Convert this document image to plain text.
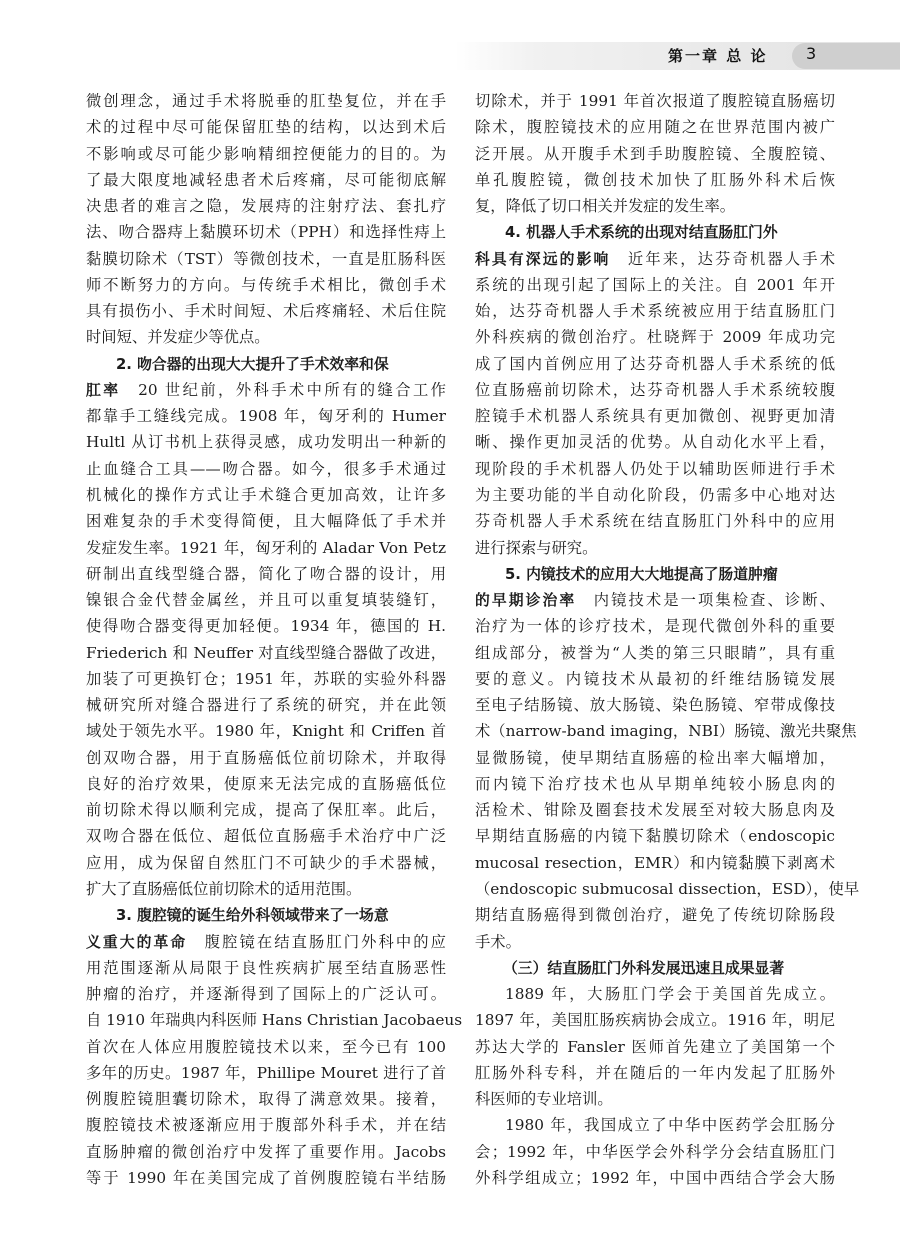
第一章 总 论 3
微创理念，通过手术将脱垂的肛垫复位，并在手
术的过程中尽可能保留肛垫的结构，以达到术后
不影响或尽可能少影响精细控便能力的目的。为
了最大限度地减轻患者术后疼痛，尽可能彻底解
决患者的难言之隐，发展痔的注射疗法、套扎疗
法、吻合器痔上黏膜环切术（PPH）和选择性痔上
黏膜切除术（TST）等微创技术，一直是肛肠科医
师不断努力的方向。与传统手术相比，微创手术
具有损伤小、手术时间短、术后疼痛轻、术后住院
时间短、并发症少等优点。
2. 吻合器的出现大大提升了手术效率和保
肛率　20 世纪前，外科手术中所有的缝合工作
都靠手工缝线完成。1908 年，匈牙利的 Humer
Hultl 从订书机上获得灵感，成功发明出一种新的
止血缝合工具——吻合器。如今，很多手术通过
机械化的操作方式让手术缝合更加高效，让许多
困难复杂的手术变得简便，且大幅降低了手术并
发症发生率。1921 年，匈牙利的 Aladar Von Petz
研制出直线型缝合器，简化了吻合器的设计，用
镍银合金代替金属丝，并且可以重复填装缝钉，
使得吻合器变得更加轻便。1934 年，德国的 H.
Friederich 和 Neuffer 对直线型缝合器做了改进，
加装了可更换钉仓；1951 年，苏联的实验外科器
械研究所对缝合器进行了系统的研究，并在此领
域处于领先水平。1980 年，Knight 和 Criffen 首
创双吻合器，用于直肠癌低位前切除术，并取得
良好的治疗效果，使原来无法完成的直肠癌低位
前切除术得以顺利完成，提高了保肛率。此后，
双吻合器在低位、超低位直肠癌手术治疗中广泛
应用，成为保留自然肛门不可缺少的手术器械，
扩大了直肠癌低位前切除术的适用范围。
3. 腹腔镜的诞生给外科领域带来了一场意
义重大的革命　腹腔镜在结直肠肛门外科中的应
用范围逐渐从局限于良性疾病扩展至结直肠恶性
肿瘤的治疗，并逐渐得到了国际上的广泛认可。
自 1910 年瑞典内科医师 Hans Christian Jacobaeus
首次在人体应用腹腔镜技术以来，至今已有 100
多年的历史。1987 年，Phillipe Mouret 进行了首
例腹腔镜胆囊切除术，取得了满意效果。接着，
腹腔镜技术被逐渐应用于腹部外科手术，并在结
直肠肿瘤的微创治疗中发挥了重要作用。Jacobs
等于 1990 年在美国完成了首例腹腔镜右半结肠
切除术，并于 1991 年首次报道了腹腔镜直肠癌切
除术，腹腔镜技术的应用随之在世界范围内被广
泛开展。从开腹手术到手助腹腔镜、全腹腔镜、
单孔腹腔镜，微创技术加快了肛肠外科术后恢
复，降低了切口相关并发症的发生率。
4. 机器人手术系统的出现对结直肠肛门外
科具有深远的影响　近年来，达芬奇机器人手术
系统的出现引起了国际上的关注。自 2001 年开
始，达芬奇机器人手术系统被应用于结直肠肛门
外科疾病的微创治疗。杜晓辉于 2009 年成功完
成了国内首例应用了达芬奇机器人手术系统的低
位直肠癌前切除术，达芬奇机器人手术系统较腹
腔镜手术机器人系统具有更加微创、视野更加清
晰、操作更加灵活的优势。从自动化水平上看，
现阶段的手术机器人仍处于以辅助医师进行手术
为主要功能的半自动化阶段，仍需多中心地对达
芬奇机器人手术系统在结直肠肛门外科中的应用
进行探索与研究。
5. 内镜技术的应用大大地提高了肠道肿瘤
的早期诊治率　内镜技术是一项集检查、诊断、
治疗为一体的诊疗技术，是现代微创外科的重要
组成部分，被誉为“人类的第三只眼睛”，具有重
要的意义。内镜技术从最初的纤维结肠镜发展
至电子结肠镜、放大肠镜、染色肠镜、窄带成像技
术（narrow-band imaging，NBI）肠镜、激光共聚焦
显微肠镜，使早期结直肠癌的检出率大幅增加，
而内镜下治疗技术也从早期单纯较小肠息肉的
活检术、钳除及圈套技术发展至对较大肠息肉及
早期结直肠癌的内镜下黏膜切除术（endoscopic
mucosal resection，EMR）和内镜黏膜下剥离术
（endoscopic submucosal dissection，ESD），使早
期结直肠癌得到微创治疗，避免了传统切除肠段
手术。
（三）结直肠肛门外科发展迅速且成果显著
1889 年，大肠肛门学会于美国首先成立。
1897 年，美国肛肠疾病协会成立。1916 年，明尼
苏达大学的 Fansler 医师首先建立了美国第一个
肛肠外科专科，并在随后的一年内发起了肛肠外
科医师的专业培训。
1980 年，我国成立了中华中医药学会肛肠分
会；1992 年，中华医学会外科学分会结直肠肛门
外科学组成立；1992 年，中国中西结合学会大肠
